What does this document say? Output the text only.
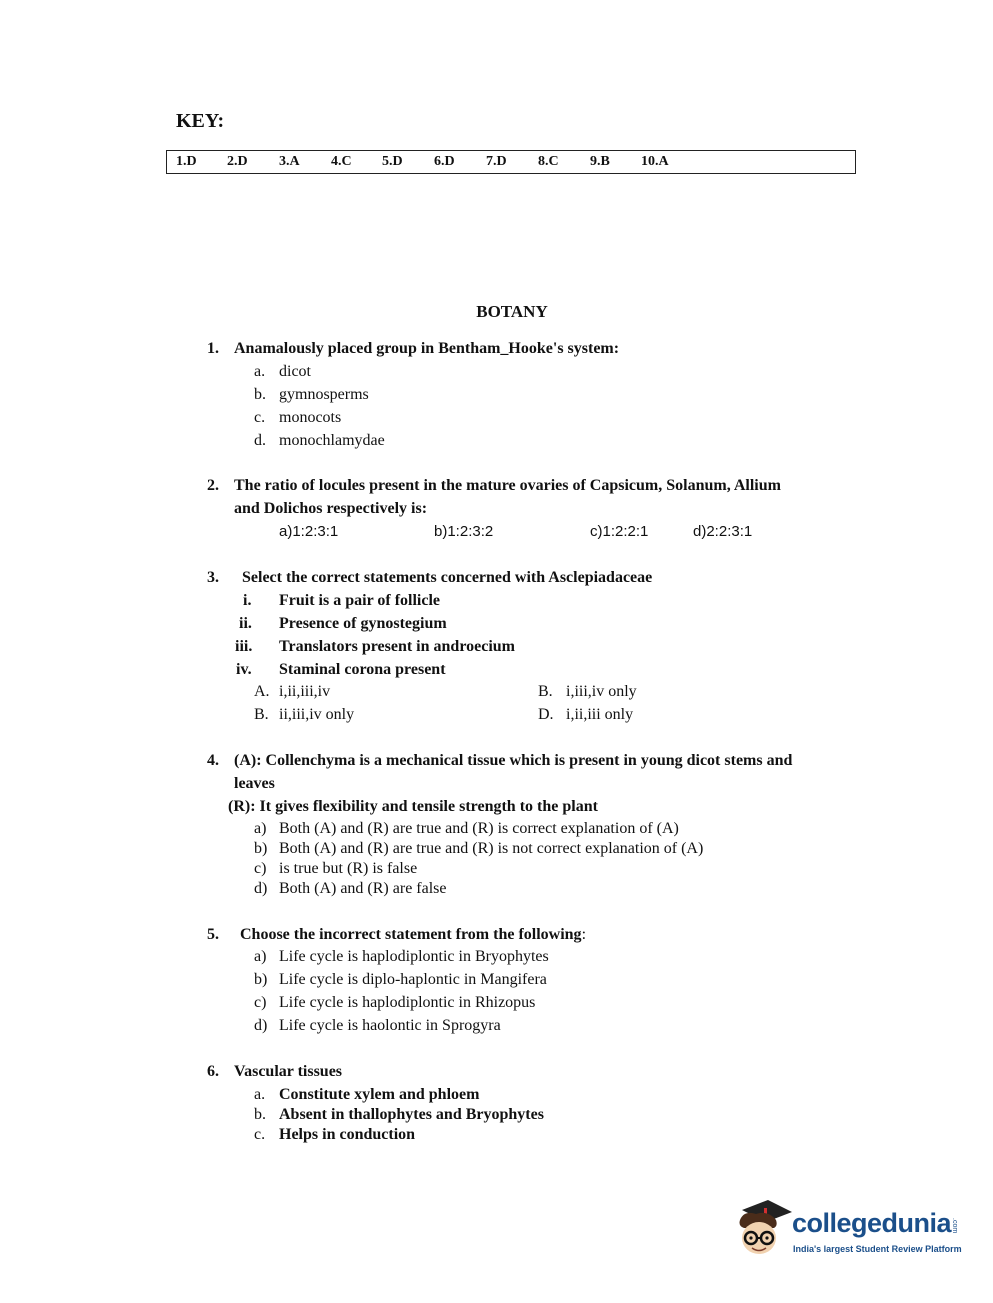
KEY:
1.D 2.D 3.A 4.C 5.D 6.D 7.D 8.C 9.B 10.A
BOTANY
1. Anamalously placed group in Bentham_Hooke's system:
a. dicot
b. gymnosperms
c. monocots
d. monochlamydae
2. The ratio of locules present in the mature ovaries of Capsicum, Solanum, Allium
and Dolichos respectively is:
a)1:2:3:1	b)1:2:3:2	c)1:2:2:1	d)2:2:3:1
3. Select the correct statements concerned with Asclepiadaceae
i. Fruit is a pair of follicle
ii. Presence of gynostegium
iii. Translators present in androecium
iv. Staminal corona present
A. i,ii,iii,iv	B. i,iii,iv only
B. ii,iii,iv only	D. i,ii,iii only
4. (A): Collenchyma is a mechanical tissue which is present in young dicot stems and
leaves
(R): It gives flexibility and tensile strength to the plant
a) Both (A) and (R) are true and (R) is correct explanation of (A)
b) Both (A) and (R) are true and (R) is not correct explanation of (A)
c) is true but (R) is false
d) Both (A) and (R) are false
5. Choose the incorrect statement from the following:
a) Life cycle is haplodiplontic in Bryophytes
b) Life cycle is diplo-haplontic in Mangifera
c) Life cycle is haplodiplontic in Rhizopus
d) Life cycle is haolontic in Sprogyra
6. Vascular tissues
a. Constitute xylem and phloem
b. Absent in thallophytes and Bryophytes
c. Helps in conduction
collegedunia .com
India's largest Student Review Platform
